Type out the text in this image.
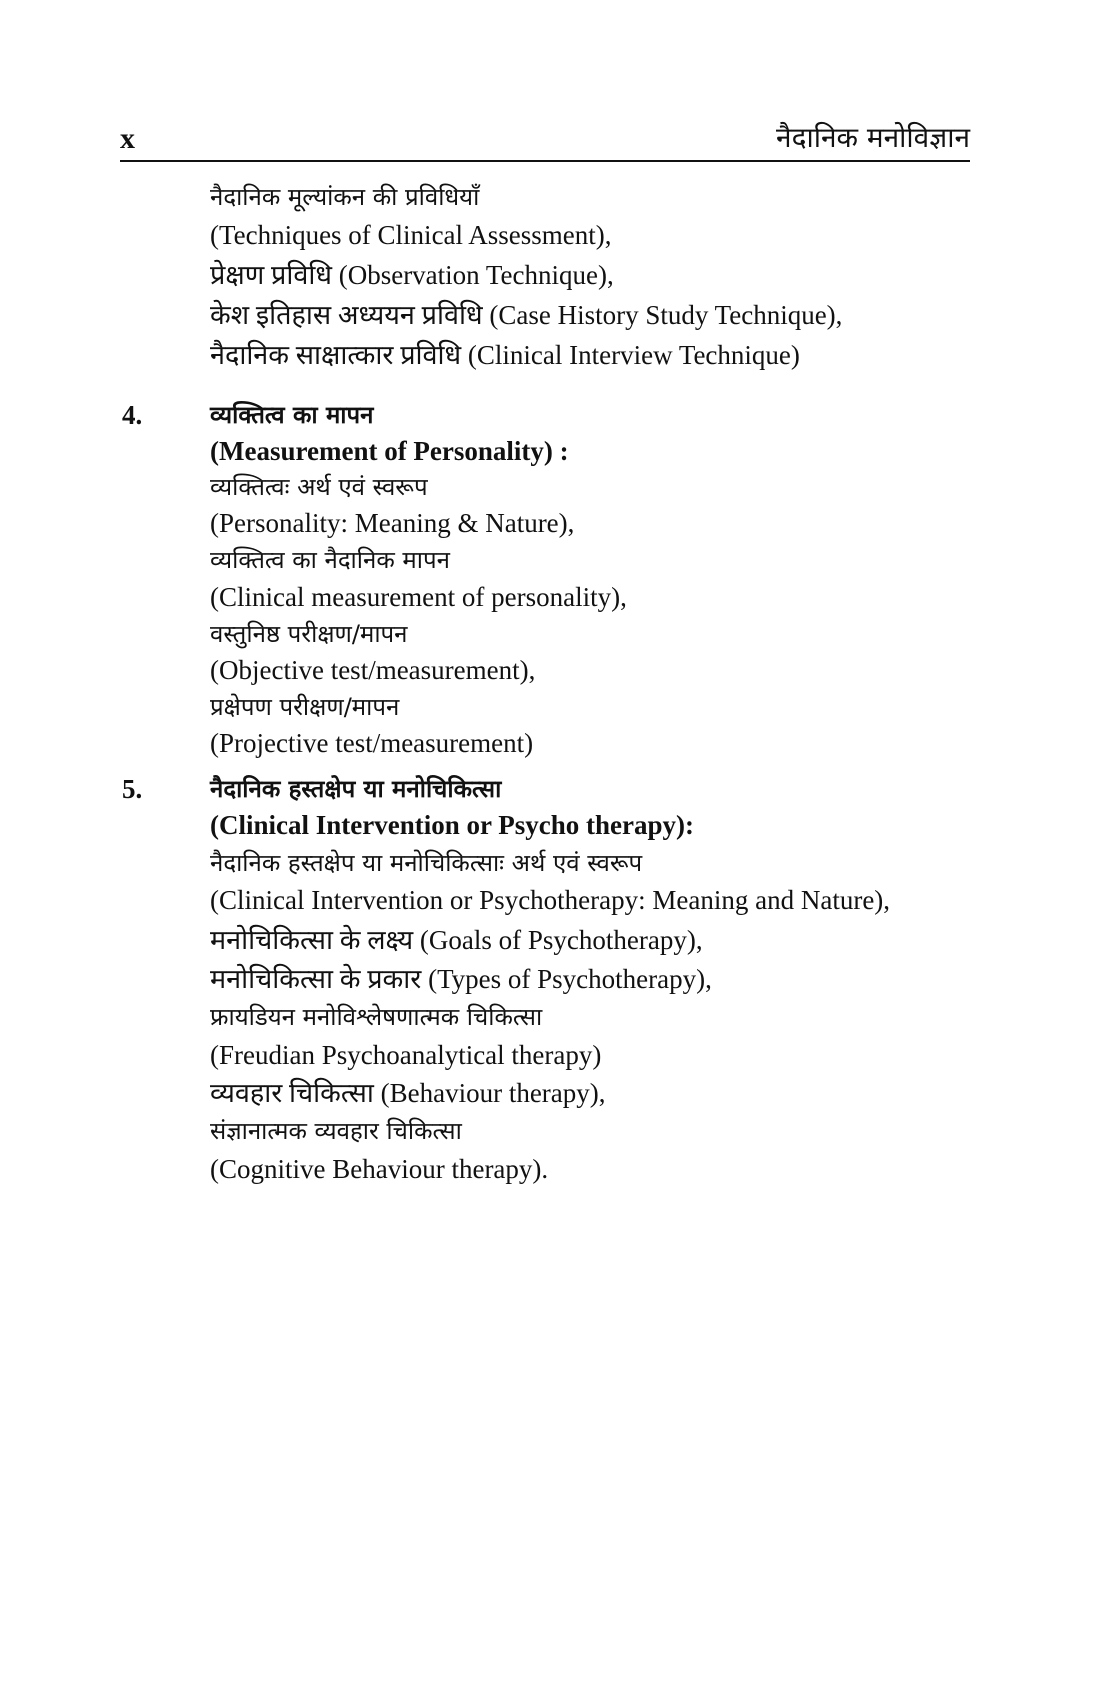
x	नैदानिक मनोविज्ञान
नैदानिक मूल्यांकन की प्रविधियाँ
(Techniques of Clinical Assessment),
प्रेक्षण प्रविधि (Observation Technique),
केश इतिहास अध्ययन प्रविधि (Case History Study Technique),
नैदानिक साक्षात्कार प्रविधि (Clinical Interview Technique)
4.	व्यक्तित्व का मापन
(Measurement of Personality) :
व्यक्तित्वः अर्थ एवं स्वरूप
(Personality: Meaning & Nature),
व्यक्तित्व का नैदानिक मापन
(Clinical measurement of personality),
वस्तुनिष्ठ परीक्षण/मापन
(Objective test/measurement),
प्रक्षेपण परीक्षण/मापन
(Projective test/measurement)
5.	नैदानिक हस्तक्षेप या मनोचिकित्सा
(Clinical Intervention or Psycho therapy):
नैदानिक हस्तक्षेप या मनोचिकित्साः अर्थ एवं स्वरूप
(Clinical Intervention or Psychotherapy: Meaning and Nature),
मनोचिकित्सा के लक्ष्य (Goals of Psychotherapy),
मनोचिकित्सा के प्रकार (Types of Psychotherapy),
फ्रायडियन मनोविश्लेषणात्मक चिकित्सा
(Freudian Psychoanalytical therapy)
व्यवहार चिकित्सा (Behaviour therapy),
संज्ञानात्मक व्यवहार चिकित्सा
(Cognitive Behaviour therapy).
